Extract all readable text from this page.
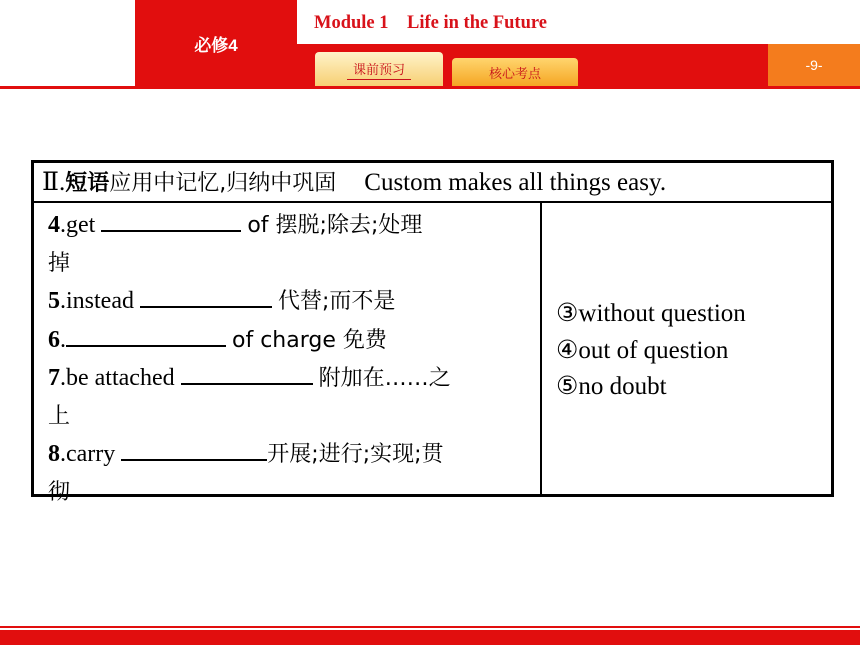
必修4
Module 1    Life in the Future
课前预习	核心考点	-9-
Ⅱ.短语应用中记忆,归纳中巩固 Custom makes all things easy.
4.get	of 摆脱;除去;处理
掉
5.instead	代替;而不是
6.	of charge 免费
7.be attached	附加在……之
上
8.carry	开展;进行;实现;贯
彻
③without question
④out of question
⑤no doubt
